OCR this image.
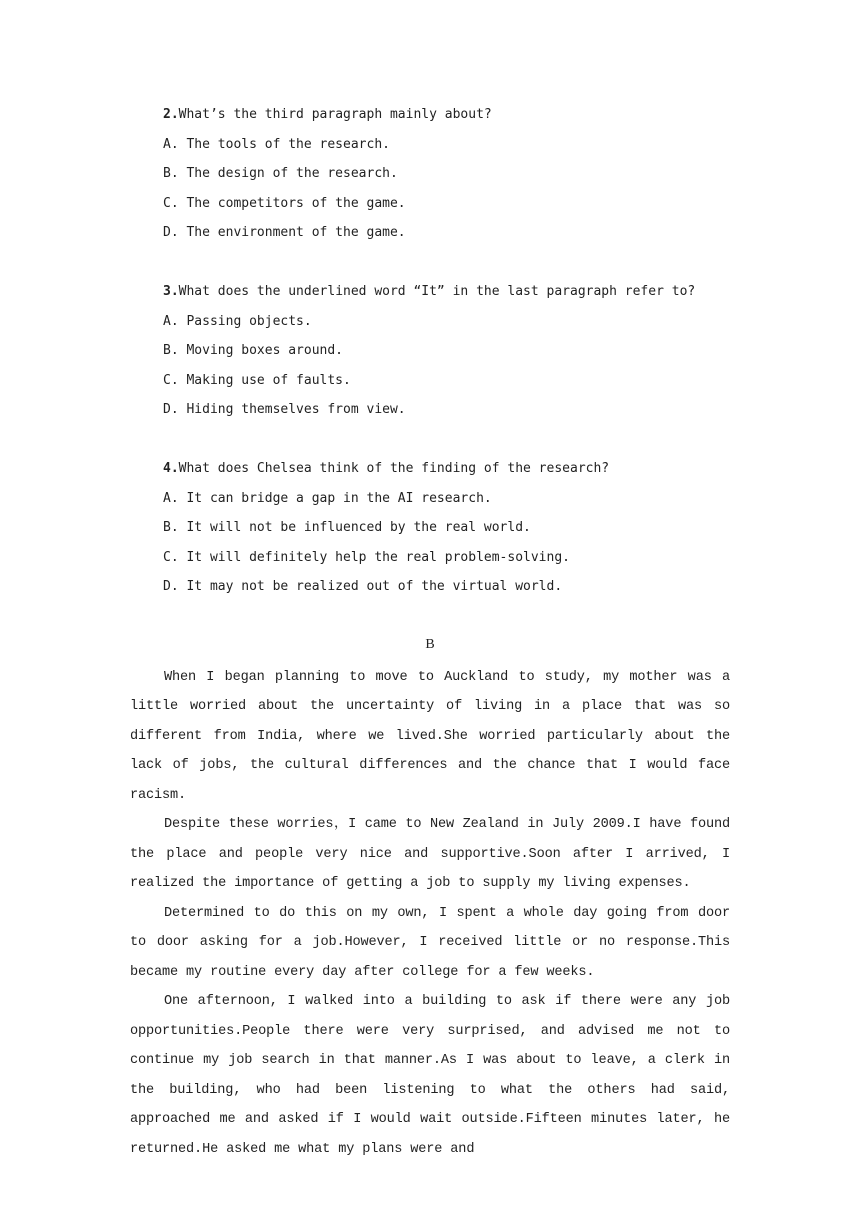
2.What’s the third paragraph mainly about?
A. The tools of the research.
B. The design of the research.
C. The competitors of the game.
D. The environment of the game.
3.What does the underlined word “It” in the last paragraph refer to?
A. Passing objects.
B. Moving boxes around.
C. Making use of faults.
D. Hiding themselves from view.
4.What does Chelsea think of the finding of the research?
A. It can bridge a gap in the AI research.
B. It will not be influenced by the real world.
C. It will definitely help the real problem-solving.
D. It may not be realized out of the virtual world.
B

When I began planning to move to Auckland to study, my mother was a little worried about the uncertainty of living in a place that was so different from India, where we lived.She worried particularly about the lack of jobs, the cultural differences and the chance that I would face racism.

Despite these worries，I came to New Zealand in July 2009.I have found the place and people very nice and supportive.Soon after I arrived, I realized the importance of getting a job to supply my living expenses.

Determined to do this on my own, I spent a whole day going from door to door asking for a job.However, I received little or no response.This became my routine every day after college for a few weeks.

One afternoon, I walked into a building to ask if there were any job opportunities.People there were very surprised, and advised me not to continue my job search in that manner.As I was about to leave, a clerk in the building, who had been listening to what the others had said, approached me and asked if I would wait outside.Fifteen minutes later, he returned.He asked me what my plans were and
